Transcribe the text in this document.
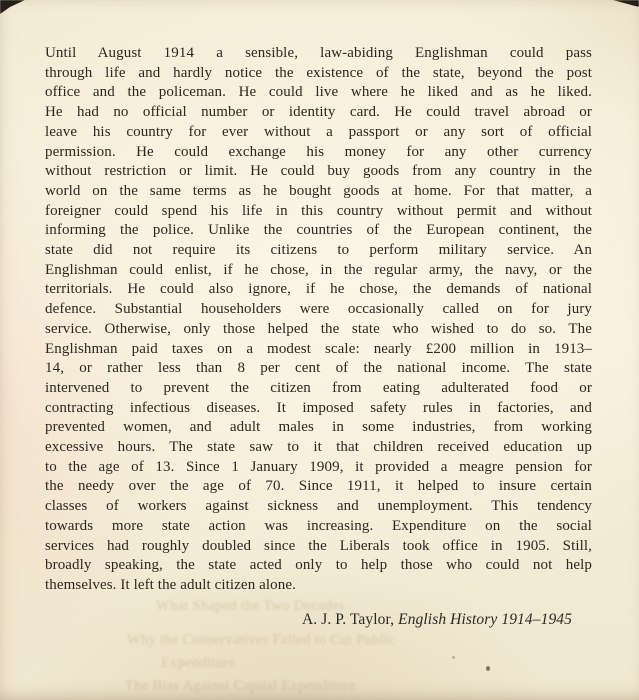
What Shaped the Two Decades
Why the Conservatives Failed to Cut Public
Expenditure
The Bias Against Capital Expenditure
Until August 1914 a sensible, law-abiding Englishman could pass
through life and hardly notice the existence of the state, beyond the post
office and the policeman. He could live where he liked and as he liked.
He had no official number or identity card. He could travel abroad or
leave his country for ever without a passport or any sort of official
permission. He could exchange his money for any other currency
without restriction or limit. He could buy goods from any country in the
world on the same terms as he bought goods at home. For that matter, a
foreigner could spend his life in this country without permit and without
informing the police. Unlike the countries of the European continent, the
state did not require its citizens to perform military service. An
Englishman could enlist, if he chose, in the regular army, the navy, or the
territorials. He could also ignore, if he chose, the demands of national
defence. Substantial householders were occasionally called on for jury
service. Otherwise, only those helped the state who wished to do so. The
Englishman paid taxes on a modest scale: nearly £200 million in 1913–
14, or rather less than 8 per cent of the national income. The state
intervened to prevent the citizen from eating adulterated food or
contracting infectious diseases. It imposed safety rules in factories, and
prevented women, and adult males in some industries, from working
excessive hours. The state saw to it that children received education up
to the age of 13. Since 1 January 1909, it provided a meagre pension for
the needy over the age of 70. Since 1911, it helped to insure certain
classes of workers against sickness and unemployment. This tendency
towards more state action was increasing. Expenditure on the social
services had roughly doubled since the Liberals took office in 1905. Still,
broadly speaking, the state acted only to help those who could not help
themselves. It left the adult citizen alone.
A. J. P. Taylor, English History 1914–1945
